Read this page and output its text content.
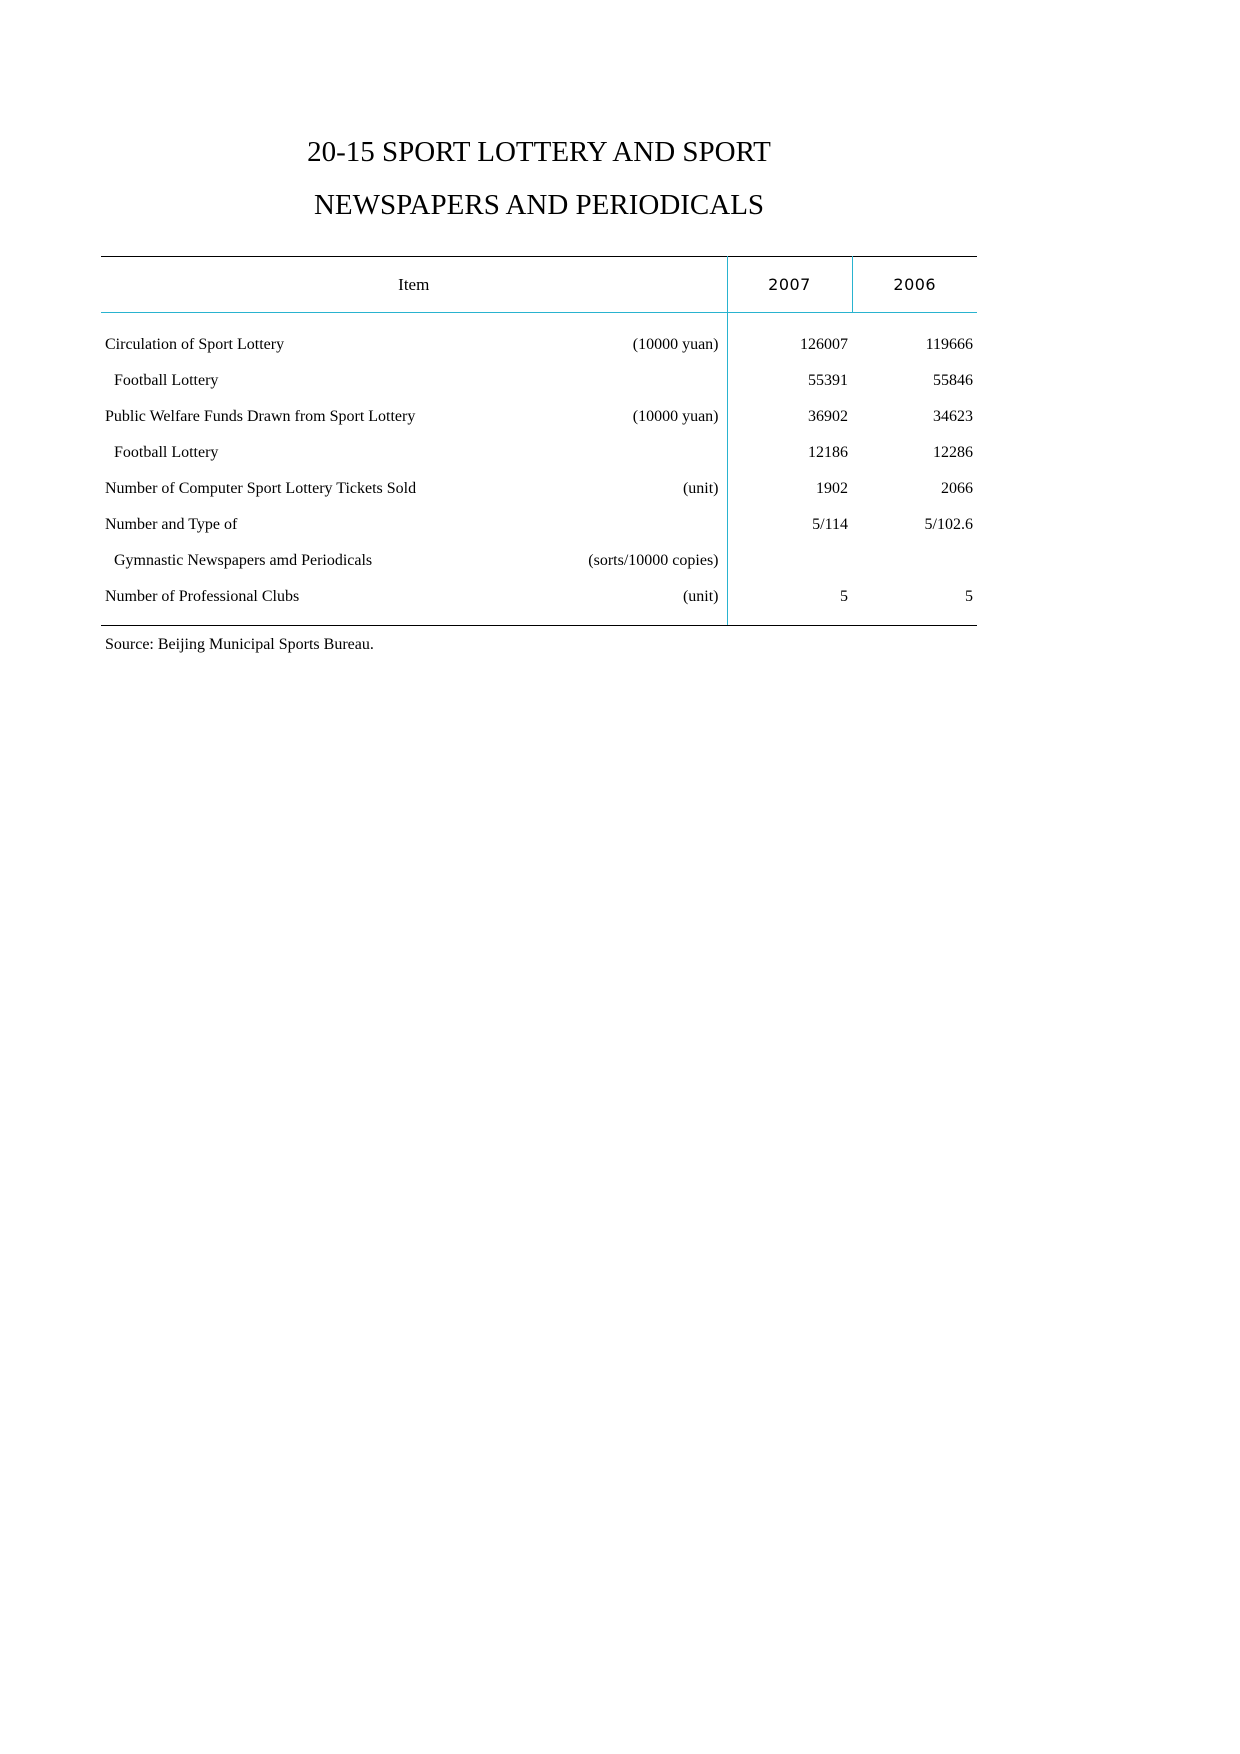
20-15 SPORT LOTTERY AND SPORT
NEWSPAPERS AND PERIODICALS
Item	2007	2006

Circulation of Sport Lottery (10000 yuan)	126007	119666

Football Lottery	55391	55846

Public Welfare Funds Drawn from Sport Lottery (10000 yuan)	36902	34623

Football Lottery	12186	12286

Number of Computer Sport Lottery Tickets Sold (unit)	1902	2066

Number and Type of	5/114	5/102.6

Gymnastic Newspapers amd Periodicals (sorts/10000 copies)		

Number of Professional Clubs (unit)	5	5
Source: Beijing Municipal Sports Bureau.
